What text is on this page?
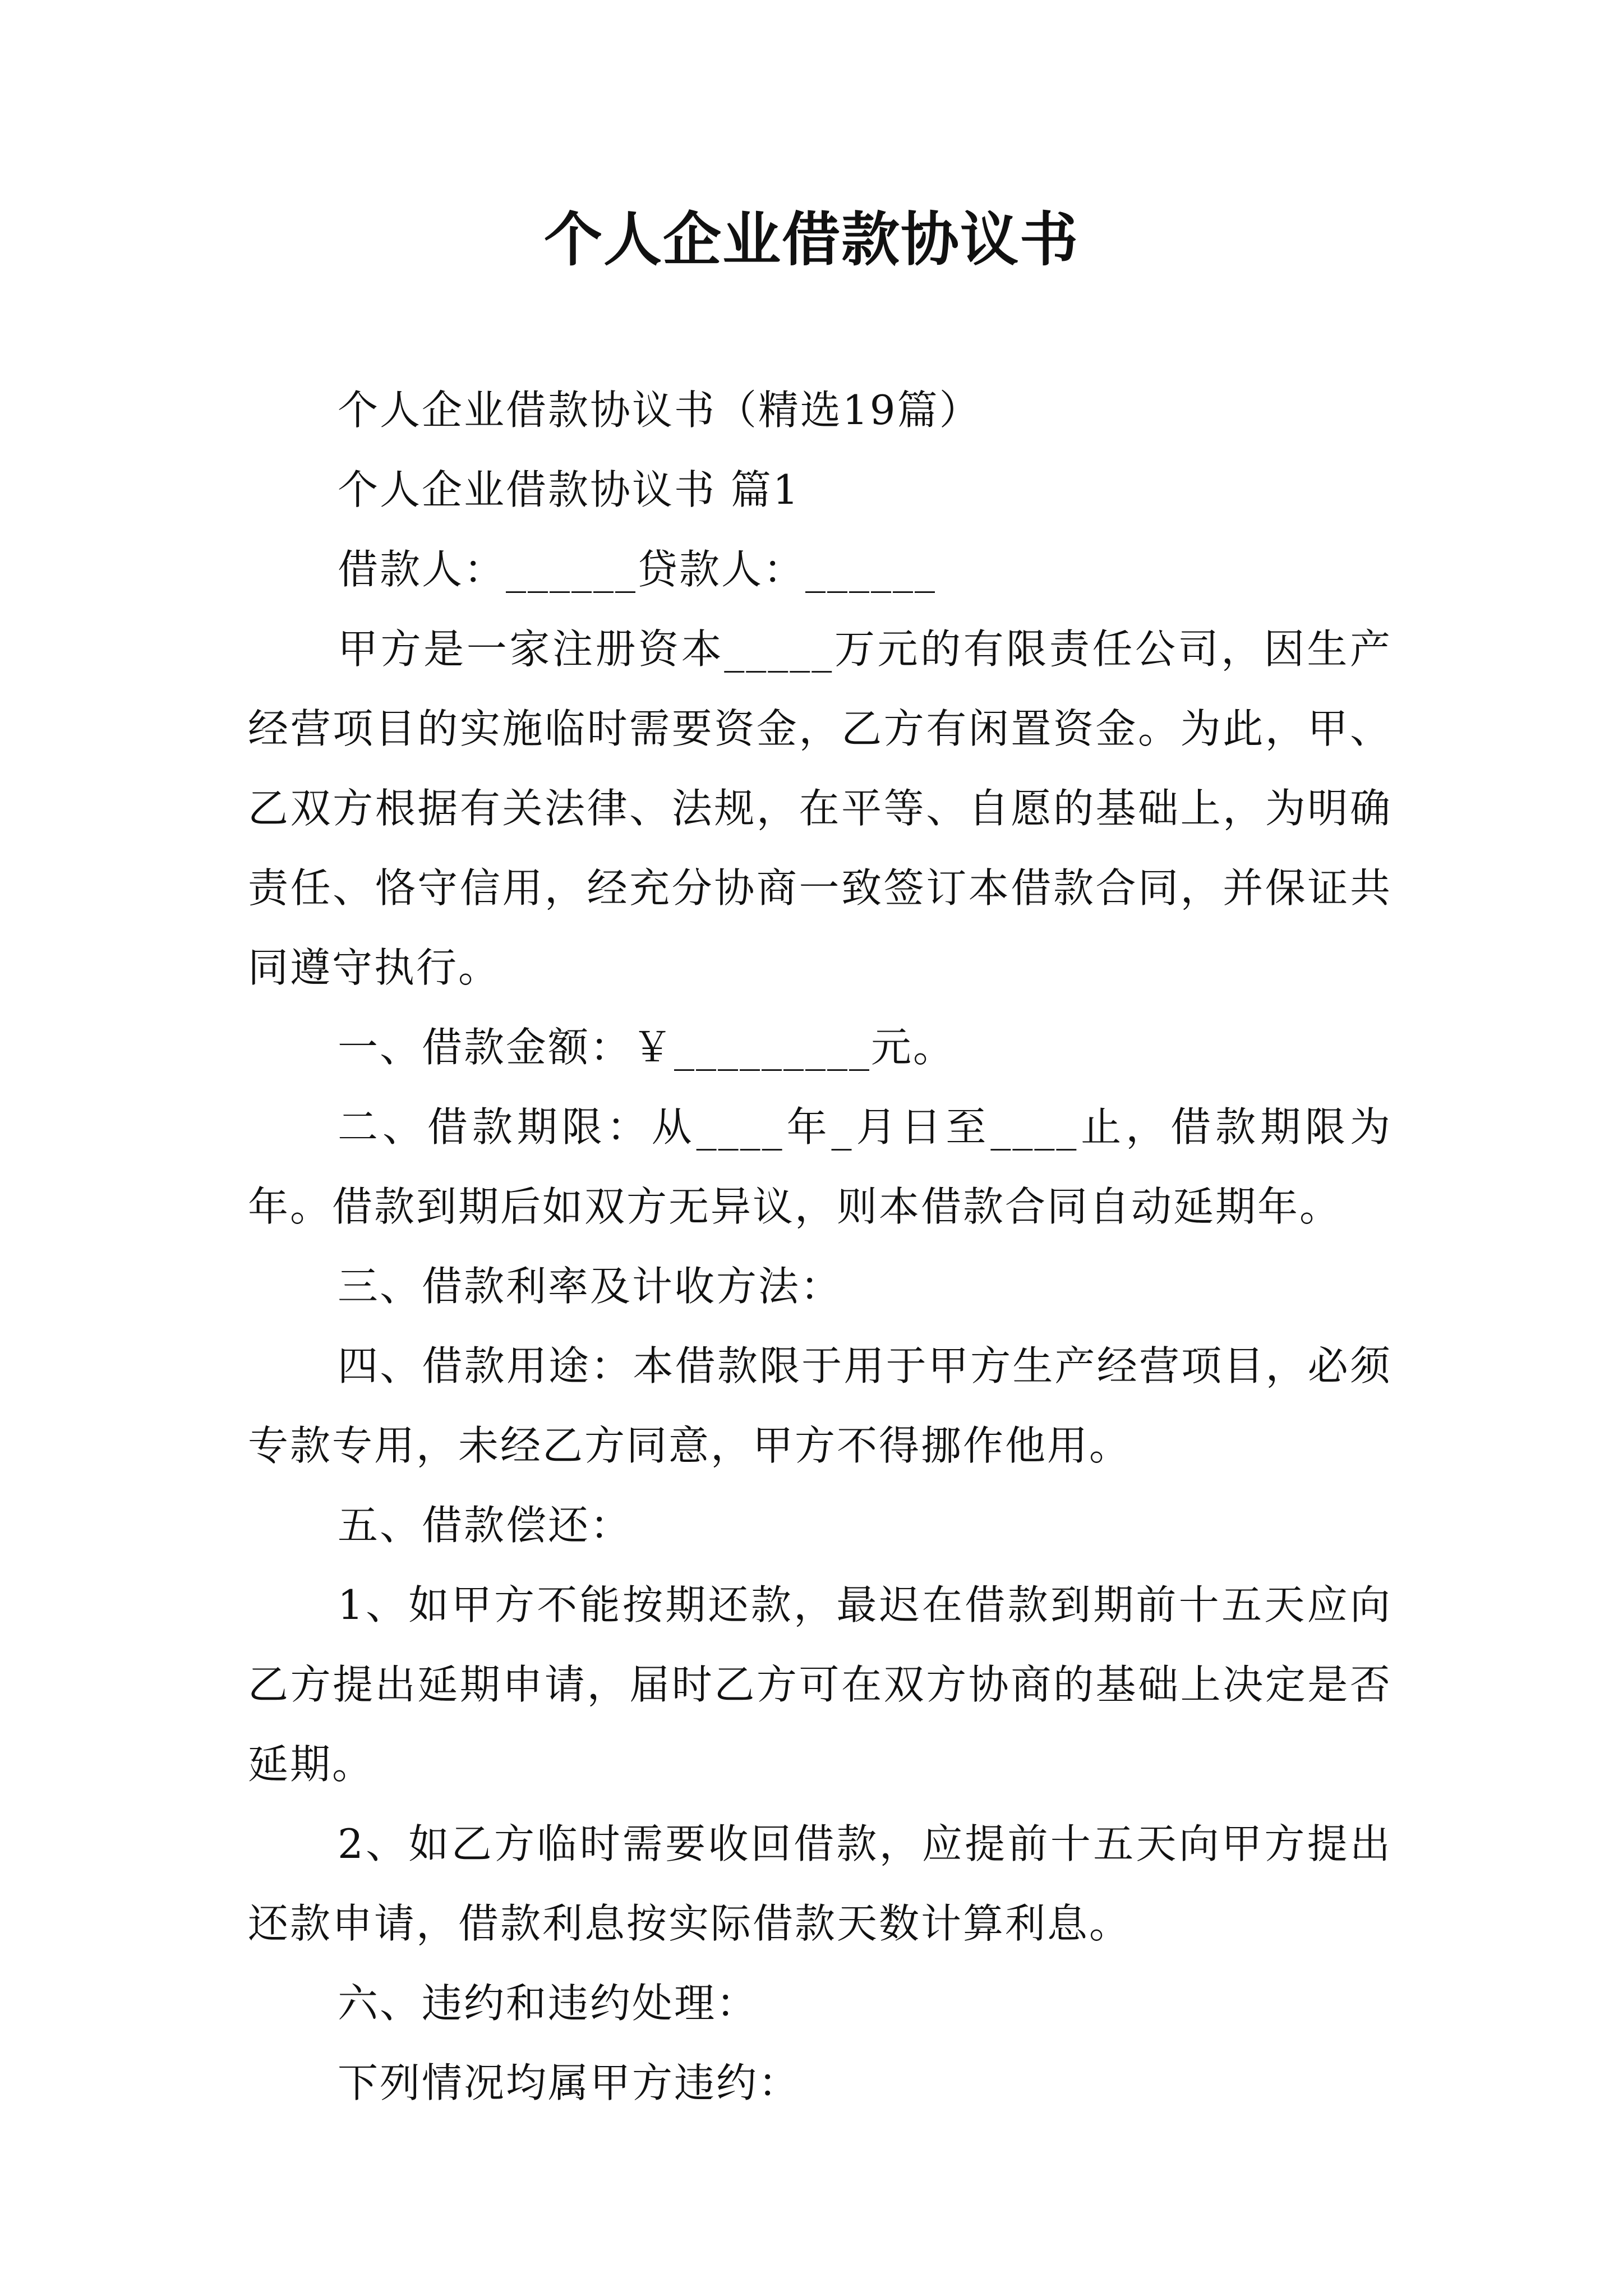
个人企业借款协议书

个人企业借款协议书（精选19篇）

个人企业借款协议书 篇1

借款人：______贷款人：______

甲方是一家注册资本_____万元的有限责任公司，因生产经营项目的实施临时需要资金，乙方有闲置资金。为此，甲、乙双方根据有关法律、法规，在平等、自愿的基础上，为明确责任、恪守信用，经充分协商一致签订本借款合同，并保证共同遵守执行。

一、借款金额：￥_________元。

二、借款期限：从____年_月日至____止，借款期限为年。借款到期后如双方无异议，则本借款合同自动延期年。

三、借款利率及计收方法：

四、借款用途：本借款限于用于甲方生产经营项目，必须专款专用，未经乙方同意，甲方不得挪作他用。

五、借款偿还：

1、如甲方不能按期还款，最迟在借款到期前十五天应向乙方提出延期申请，届时乙方可在双方协商的基础上决定是否延期。

2、如乙方临时需要收回借款，应提前十五天向甲方提出还款申请，借款利息按实际借款天数计算利息。

六、违约和违约处理：

下列情况均属甲方违约：
